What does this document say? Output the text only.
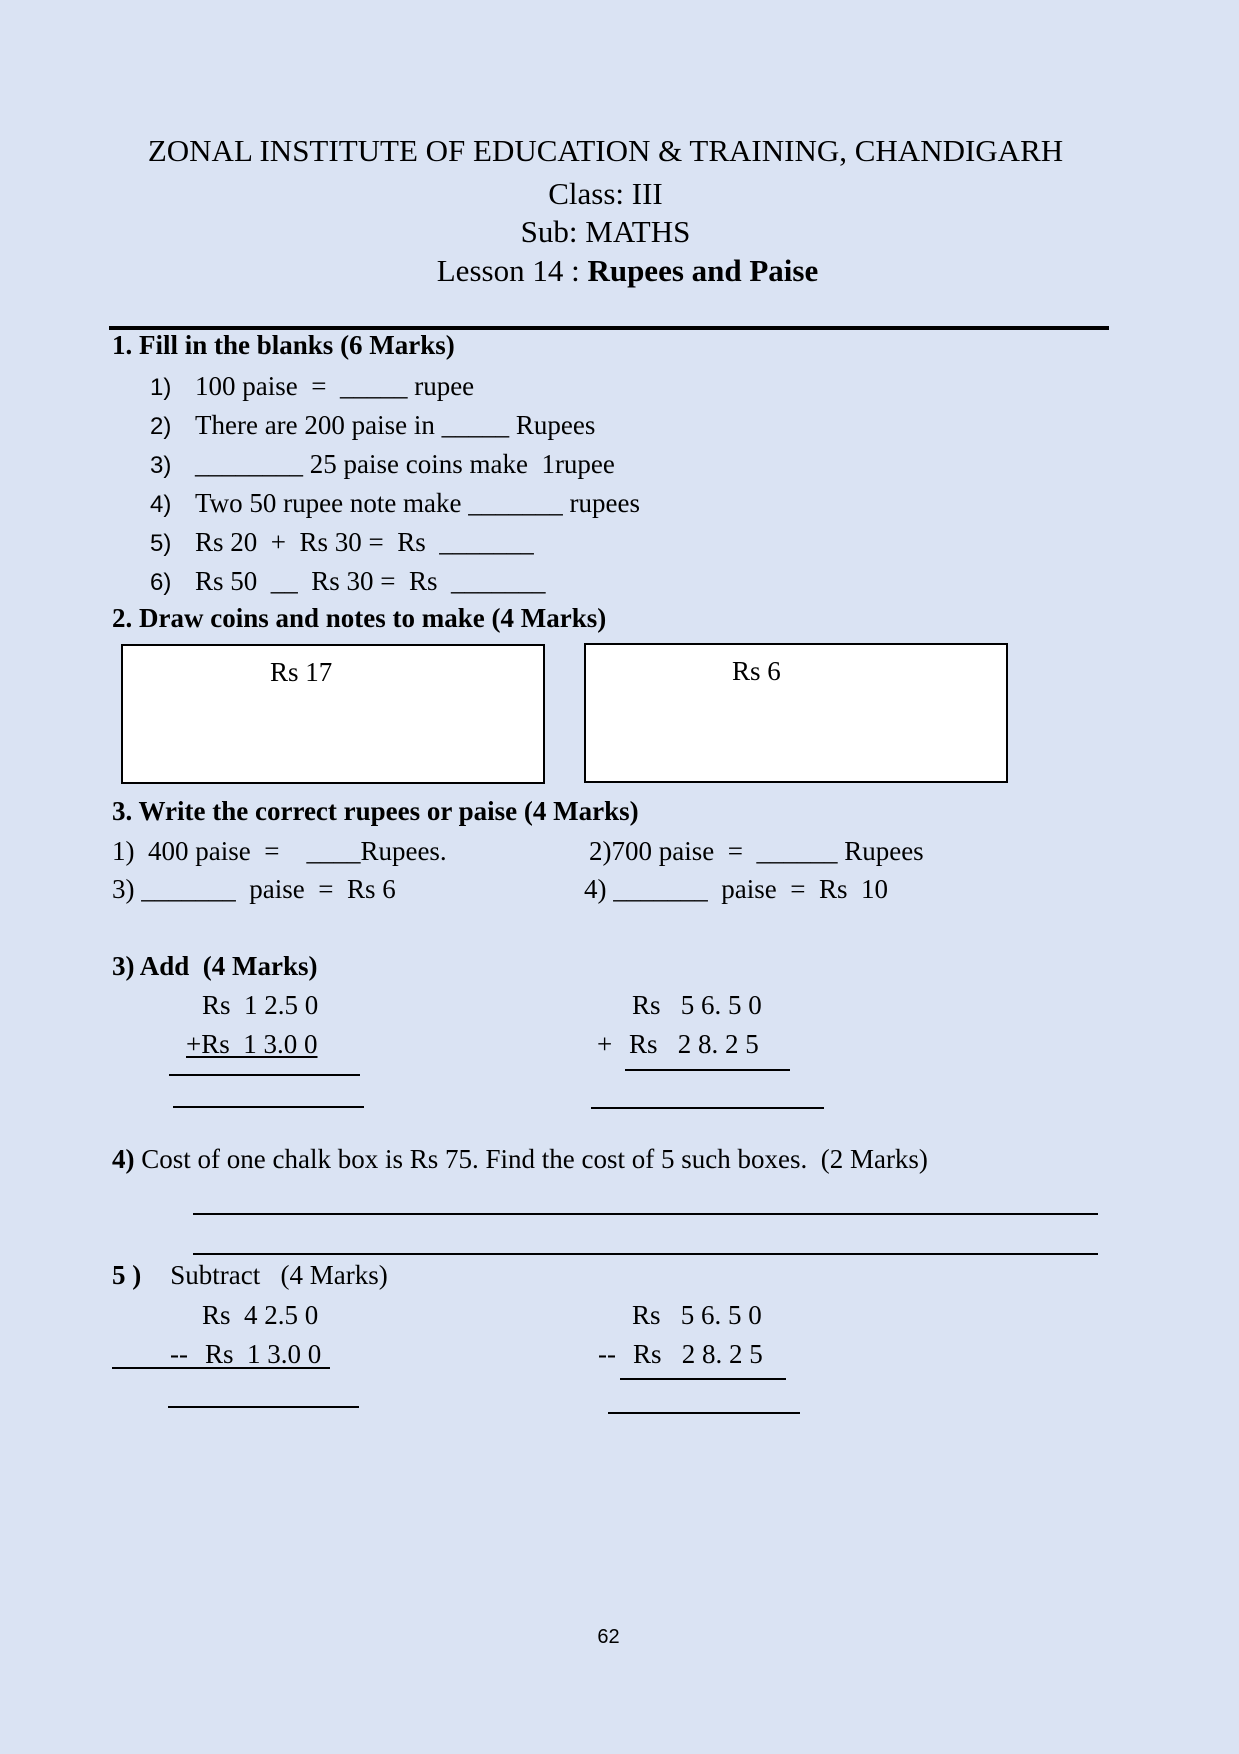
ZONAL INSTITUTE OF EDUCATION & TRAINING, CHANDIGARH
Class: III
Sub: MATHS
Lesson 14 : Rupees and Paise
1. Fill in the blanks (6 Marks)
1) 100 paise  =  _____ rupee
2) There are 200 paise in _____ Rupees
3) ________ 25 paise coins make  1rupee
4) Two 50 rupee note make _______ rupees
5) Rs 20  +  Rs 30 =  Rs  _______
6) Rs 50  __  Rs 30 =  Rs  _______
2. Draw coins and notes to make (4 Marks)
Rs 17	Rs 6
3. Write the correct rupees or paise (4 Marks)
1)  400 paise  =    ____Rupees.	2)700 paise  =  ______ Rupees
3) _______  paise  =  Rs 6	4) _______  paise  =  Rs  10
3) Add  (4 Marks)
Rs  1 2.5 0
+Rs  1 3.0 0
Rs   5 6. 5 0
+ Rs   2 8. 2 5
4) Cost of one chalk box is Rs 75. Find the cost of 5 such boxes.  (2 Marks)
5 ) Subtract   (4 Marks)
Rs  4 2.5 0
-- Rs  1 3.0 0
Rs   5 6. 5 0
-- Rs   2 8. 2 5
62
